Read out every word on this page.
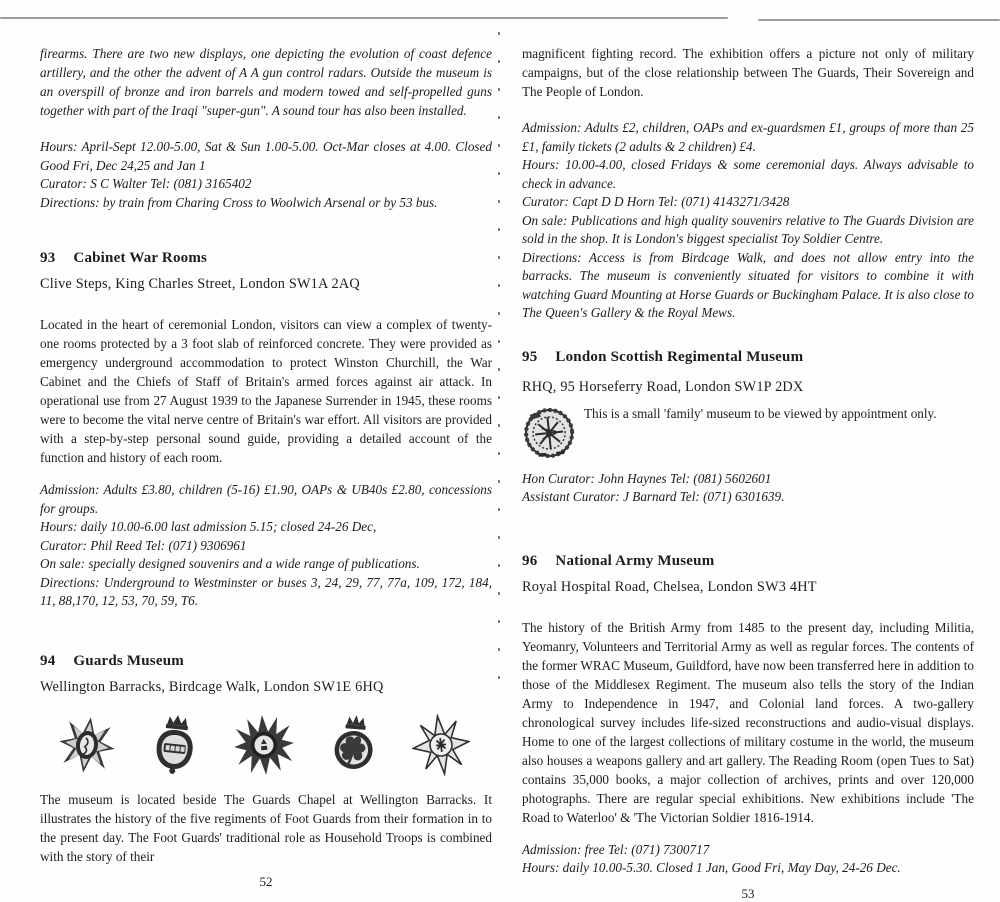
firearms. There are two new displays, one depicting the evolution of coast defence artillery, and the other the advent of A A gun control radars. Outside the museum is an overspill of bronze and iron barrels and modern towed and self-propelled guns together with part of the Iraqi "super-gun". A sound tour has also been installed.
Hours: April-Sept 12.00-5.00, Sat & Sun 1.00-5.00. Oct-Mar closes at 4.00. Closed Good Fri, Dec 24,25 and Jan 1
Curator: S C Walter Tel: (081) 3165402
Directions: by train from Charing Cross to Woolwich Arsenal or by 53 bus.
93 Cabinet War Rooms
Clive Steps, King Charles Street, London SW1A 2AQ
Located in the heart of ceremonial London, visitors can view a complex of twenty-one rooms protected by a 3 foot slab of reinforced concrete. They were provided as emergency underground accommodation to protect Winston Churchill, the War Cabinet and the Chiefs of Staff of Britain's armed forces against air attack. In operational use from 27 August 1939 to the Japanese Surrender in 1945, these rooms were to become the vital nerve centre of Britain's war effort. All visitors are provided with a step-by-step personal sound guide, providing a detailed account of the function and history of each room.
Admission: Adults £3.80, children (5-16) £1.90, OAPs & UB40s £2.80, concessions for groups.
Hours: daily 10.00-6.00 last admission 5.15; closed 24-26 Dec,
Curator: Phil Reed Tel: (071) 9306961
On sale: specially designed souvenirs and a wide range of publications.
Directions: Underground to Westminster or buses 3, 24, 29, 77, 77a, 109, 172, 184, 11, 88,170, 12, 53, 70, 59, T6.
94 Guards Museum
Wellington Barracks, Birdcage Walk, London SW1E 6HQ
The museum is located beside The Guards Chapel at Wellington Barracks. It illustrates the history of the five regiments of Foot Guards from their formation in to the present day. The Foot Guards' traditional role as Household Troops is combined with the story of their
52
magnificent fighting record. The exhibition offers a picture not only of military campaigns, but of the close relationship between The Guards, Their Sovereign and The People of London.
Admission: Adults £2, children, OAPs and ex-guardsmen £1, groups of more than 25 £1, family tickets (2 adults & 2 children) £4.
Hours: 10.00-4.00, closed Fridays & some ceremonial days. Always advisable to check in advance.
Curator: Capt D D Horn Tel: (071) 4143271/3428
On sale: Publications and high quality souvenirs relative to The Guards Division are sold in the shop. It is London's biggest specialist Toy Soldier Centre.
Directions: Access is from Birdcage Walk, and does not allow entry into the barracks. The museum is conveniently situated for visitors to combine it with watching Guard Mounting at Horse Guards or Buckingham Palace. It is also close to The Queen's Gallery & the Royal Mews.
95 London Scottish Regimental Museum
RHQ, 95 Horseferry Road, London SW1P 2DX
This is a small 'family' museum to be viewed by appointment only.
Hon Curator: John Haynes Tel: (081) 5602601
Assistant Curator: J Barnard Tel: (071) 6301639.
96 National Army Museum
Royal Hospital Road, Chelsea, London SW3 4HT
The history of the British Army from 1485 to the present day, including Militia, Yeomanry, Volunteers and Territorial Army as well as regular forces. The contents of the former WRAC Museum, Guildford, have now been transferred here in addition to those of the Middlesex Regiment. The museum also tells the story of the Indian Army to Independence in 1947, and Colonial land forces. A two-gallery chronological survey includes life-sized reconstructions and audio-visual displays. Home to one of the largest collections of military costume in the world, the museum also houses a weapons gallery and art gallery. The Reading Room (open Tues to Sat) contains 35,000 books, a major collection of archives, prints and over 120,000 photographs. There are regular special exhibitions. New exhibitions include 'The Road to Waterloo' & 'The Victorian Soldier 1816-1914.
Admission: free Tel: (071) 7300717
Hours: daily 10.00-5.30. Closed 1 Jan, Good Fri, May Day, 24-26 Dec.
53
